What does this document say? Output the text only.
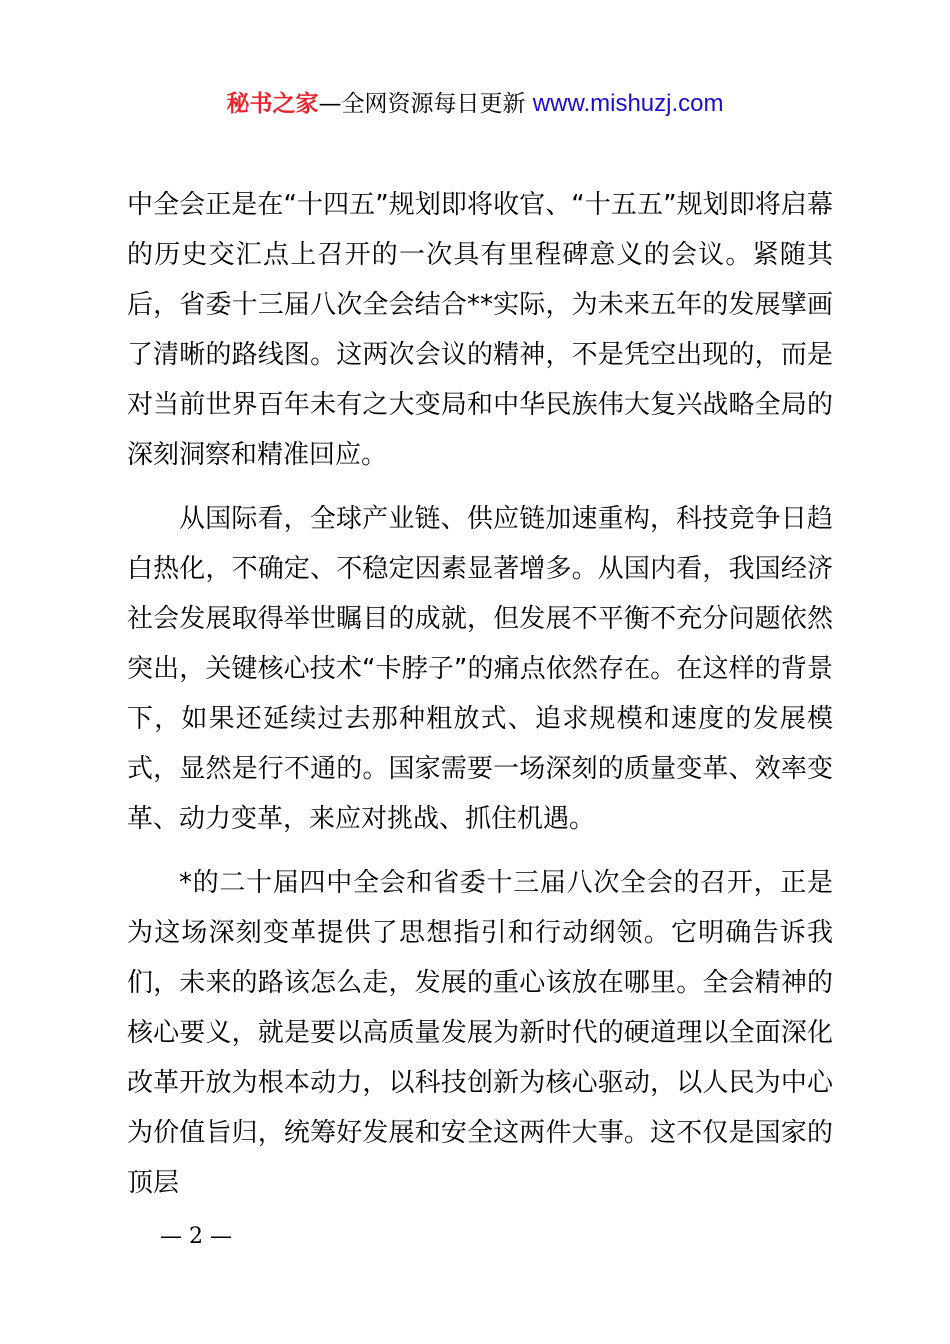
秘书之家—全网资源每日更新 www.mishuzj.com

中全会正是在“十四五”规划即将收官、“十五五”规划即将启幕的历史交汇点上召开的一次具有里程碑意义的会议。紧随其后，省委十三届八次全会结合**实际，为未来五年的发展擘画了清晰的路线图。这两次会议的精神，不是凭空出现的，而是对当前世界百年未有之大变局和中华民族伟大复兴战略全局的深刻洞察和精准回应。

从国际看，全球产业链、供应链加速重构，科技竞争日趋白热化，不确定、不稳定因素显著增多。从国内看，我国经济社会发展取得举世瞩目的成就，但发展不平衡不充分问题依然突出，关键核心技术“卡脖子”的痛点依然存在。在这样的背景下，如果还延续过去那种粗放式、追求规模和速度的发展模式，显然是行不通的。国家需要一场深刻的质量变革、效率变革、动力变革，来应对挑战、抓住机遇。

*的二十届四中全会和省委十三届八次全会的召开，正是为这场深刻变革提供了思想指引和行动纲领。它明确告诉我们，未来的路该怎么走，发展的重心该放在哪里。全会精神的核心要义，就是要以高质量发展为新时代的硬道理以全面深化改革开放为根本动力，以科技创新为核心驱动，以人民为中心为价值旨归，统筹好发展和安全这两件大事。这不仅是国家的顶层

— 2 —
